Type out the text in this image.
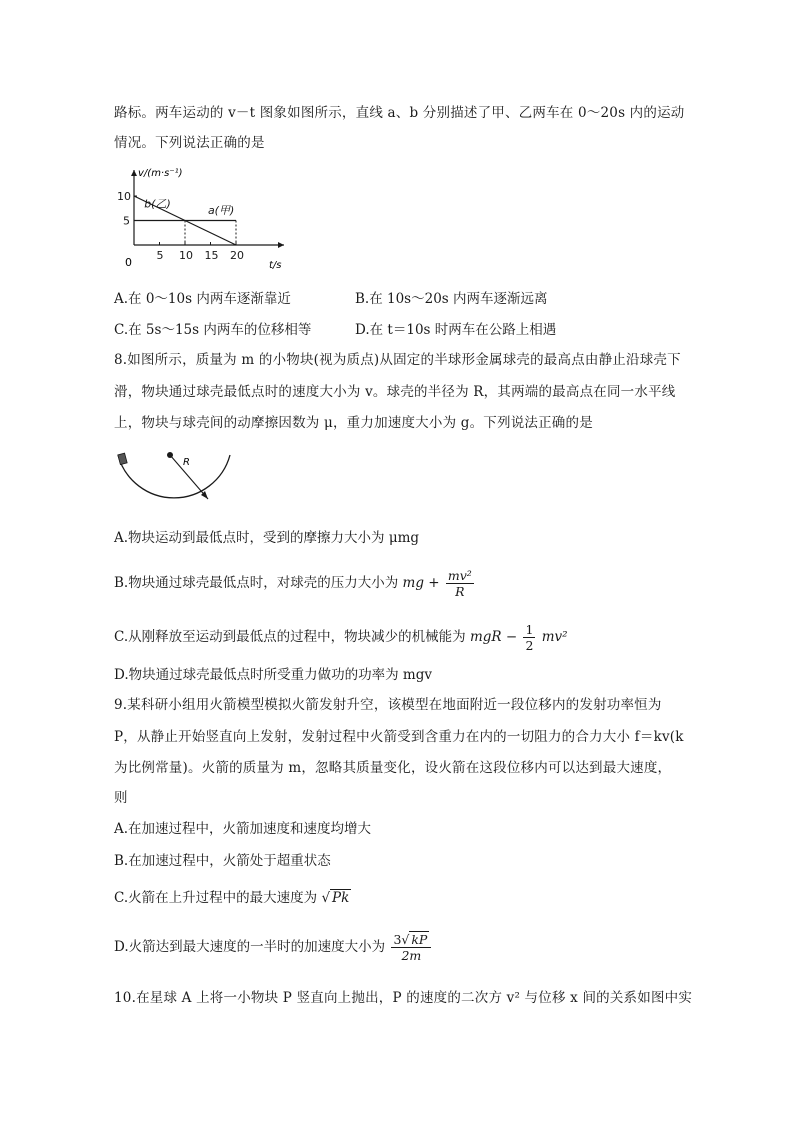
路标。两车运动的 v－t 图象如图所示，直线 a、b 分别描述了甲、乙两车在 0～20s 内的运动
情况。下列说法正确的是
v/(m·s⁻¹)
t/s
0
5 10 15 20
5
10
b(乙)
a(甲)
A.在 0～10s 内两车逐渐靠近	B.在 10s～20s 内两车逐渐远离
C.在 5s～15s 内两车的位移相等	D.在 t＝10s 时两车在公路上相遇
8.如图所示，质量为 m 的小物块(视为质点)从固定的半球形金属球壳的最高点由静止沿球壳下
滑，物块通过球壳最低点时的速度大小为 v。球壳的半径为 R，其两端的最高点在同一水平线
上，物块与球壳间的动摩擦因数为 μ，重力加速度大小为 g。下列说法正确的是
R
A.物块运动到最低点时，受到的摩擦力大小为 μmg
B.物块通过球壳最低点时，对球壳的压力大小为 mg + $\frac{\text{mv²}}{R}$
C.从刚释放至运动到最低点的过程中，物块减少的机械能为 mgR − $\frac{1}{2} mv^2$
D.物块通过球壳最低点时所受重力做功的功率为 mgv
9.某科研小组用火箭模型模拟火箭发射升空，该模型在地面附近一段位移内的发射功率恒为
P，从静止开始竖直向上发射，发射过程中火箭受到含重力在内的一切阻力的合力大小 f＝kv(k
为比例常量)。火箭的质量为 m，忽略其质量变化，设火箭在这段位移内可以达到最大速度，
则
A.在加速过程中，火箭加速度和速度均增大
B.在加速过程中，火箭处于超重状态
C.火箭在上升过程中的最大速度为 √ Pk
D.火箭达到最大速度的一半时的加速度大小为 $\frac{3√ kP}{2m}$
10.在星球 A 上将一小物块 P 竖直向上抛出，P 的速度的二次方 v² 与位移 x 间的关系如图中实
